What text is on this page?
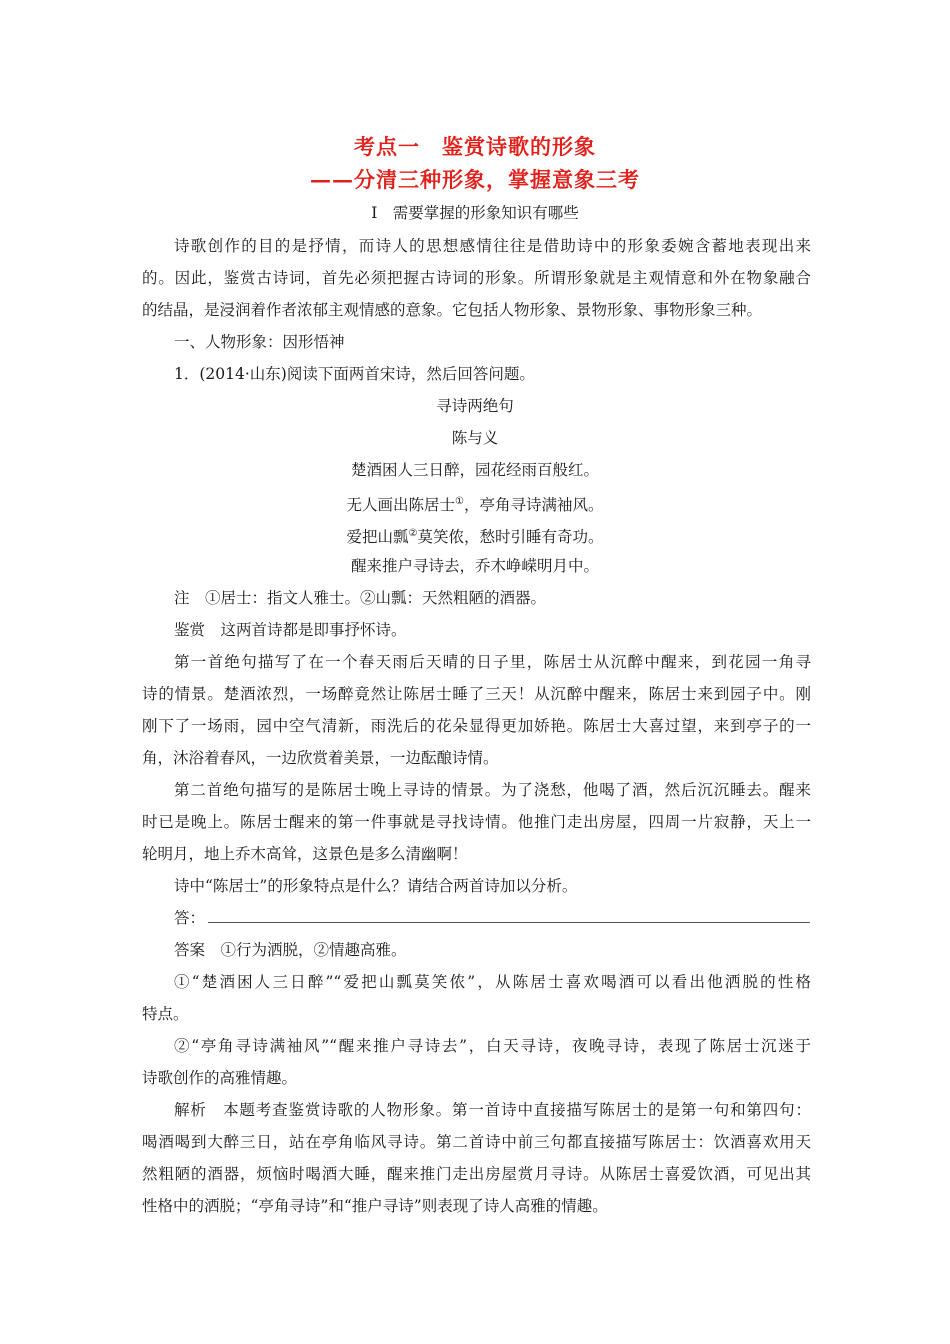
考点一　鉴赏诗歌的形象
——分清三种形象，掌握意象三考
Ⅰ　需要掌握的形象知识有哪些
诗歌创作的目的是抒情，而诗人的思想感情往往是借助诗中的形象委婉含蓄地表现出来
的。因此，鉴赏古诗词，首先必须把握古诗词的形象。所谓形象就是主观情意和外在物象融合
的结晶，是浸润着作者浓郁主观情感的意象。它包括人物形象、景物形象、事物形象三种。
一、人物形象：因形悟神
1．(2014·山东)阅读下面两首宋诗，然后回答问题。
寻诗两绝句
陈与义
楚酒困人三日醉，园花经雨百般红。
无人画出陈居士①，亭角寻诗满袖风。
爱把山瓢②莫笑侬，愁时引睡有奇功。
醒来推户寻诗去，乔木峥嵘明月中。
注　①居士：指文人雅士。②山瓢：天然粗陋的酒器。
鉴赏　这两首诗都是即事抒怀诗。
第一首绝句描写了在一个春天雨后天晴的日子里，陈居士从沉醉中醒来，到花园一角寻
诗的情景。楚酒浓烈，一场醉竟然让陈居士睡了三天！从沉醉中醒来，陈居士来到园子中。刚
刚下了一场雨，园中空气清新，雨洗后的花朵显得更加娇艳。陈居士大喜过望，来到亭子的一
角，沐浴着春风，一边欣赏着美景，一边酝酿诗情。
第二首绝句描写的是陈居士晚上寻诗的情景。为了浇愁，他喝了酒，然后沉沉睡去。醒来
时已是晚上。陈居士醒来的第一件事就是寻找诗情。他推门走出房屋，四周一片寂静，天上一
轮明月，地上乔木高耸，这景色是多么清幽啊！
诗中“陈居士”的形象特点是什么？请结合两首诗加以分析。
答：
答案　①行为洒脱，②情趣高雅。
①“楚酒困人三日醉”“爱把山瓢莫笑侬”，从陈居士喜欢喝酒可以看出他洒脱的性格
特点。
②“亭角寻诗满袖风”“醒来推户寻诗去”，白天寻诗，夜晚寻诗，表现了陈居士沉迷于
诗歌创作的高雅情趣。
解析　本题考查鉴赏诗歌的人物形象。第一首诗中直接描写陈居士的是第一句和第四句：
喝酒喝到大醉三日，站在亭角临风寻诗。第二首诗中前三句都直接描写陈居士：饮酒喜欢用天
然粗陋的酒器，烦恼时喝酒大睡，醒来推门走出房屋赏月寻诗。从陈居士喜爱饮酒，可见出其
性格中的洒脱；“亭角寻诗”和“推户寻诗”则表现了诗人高雅的情趣。
